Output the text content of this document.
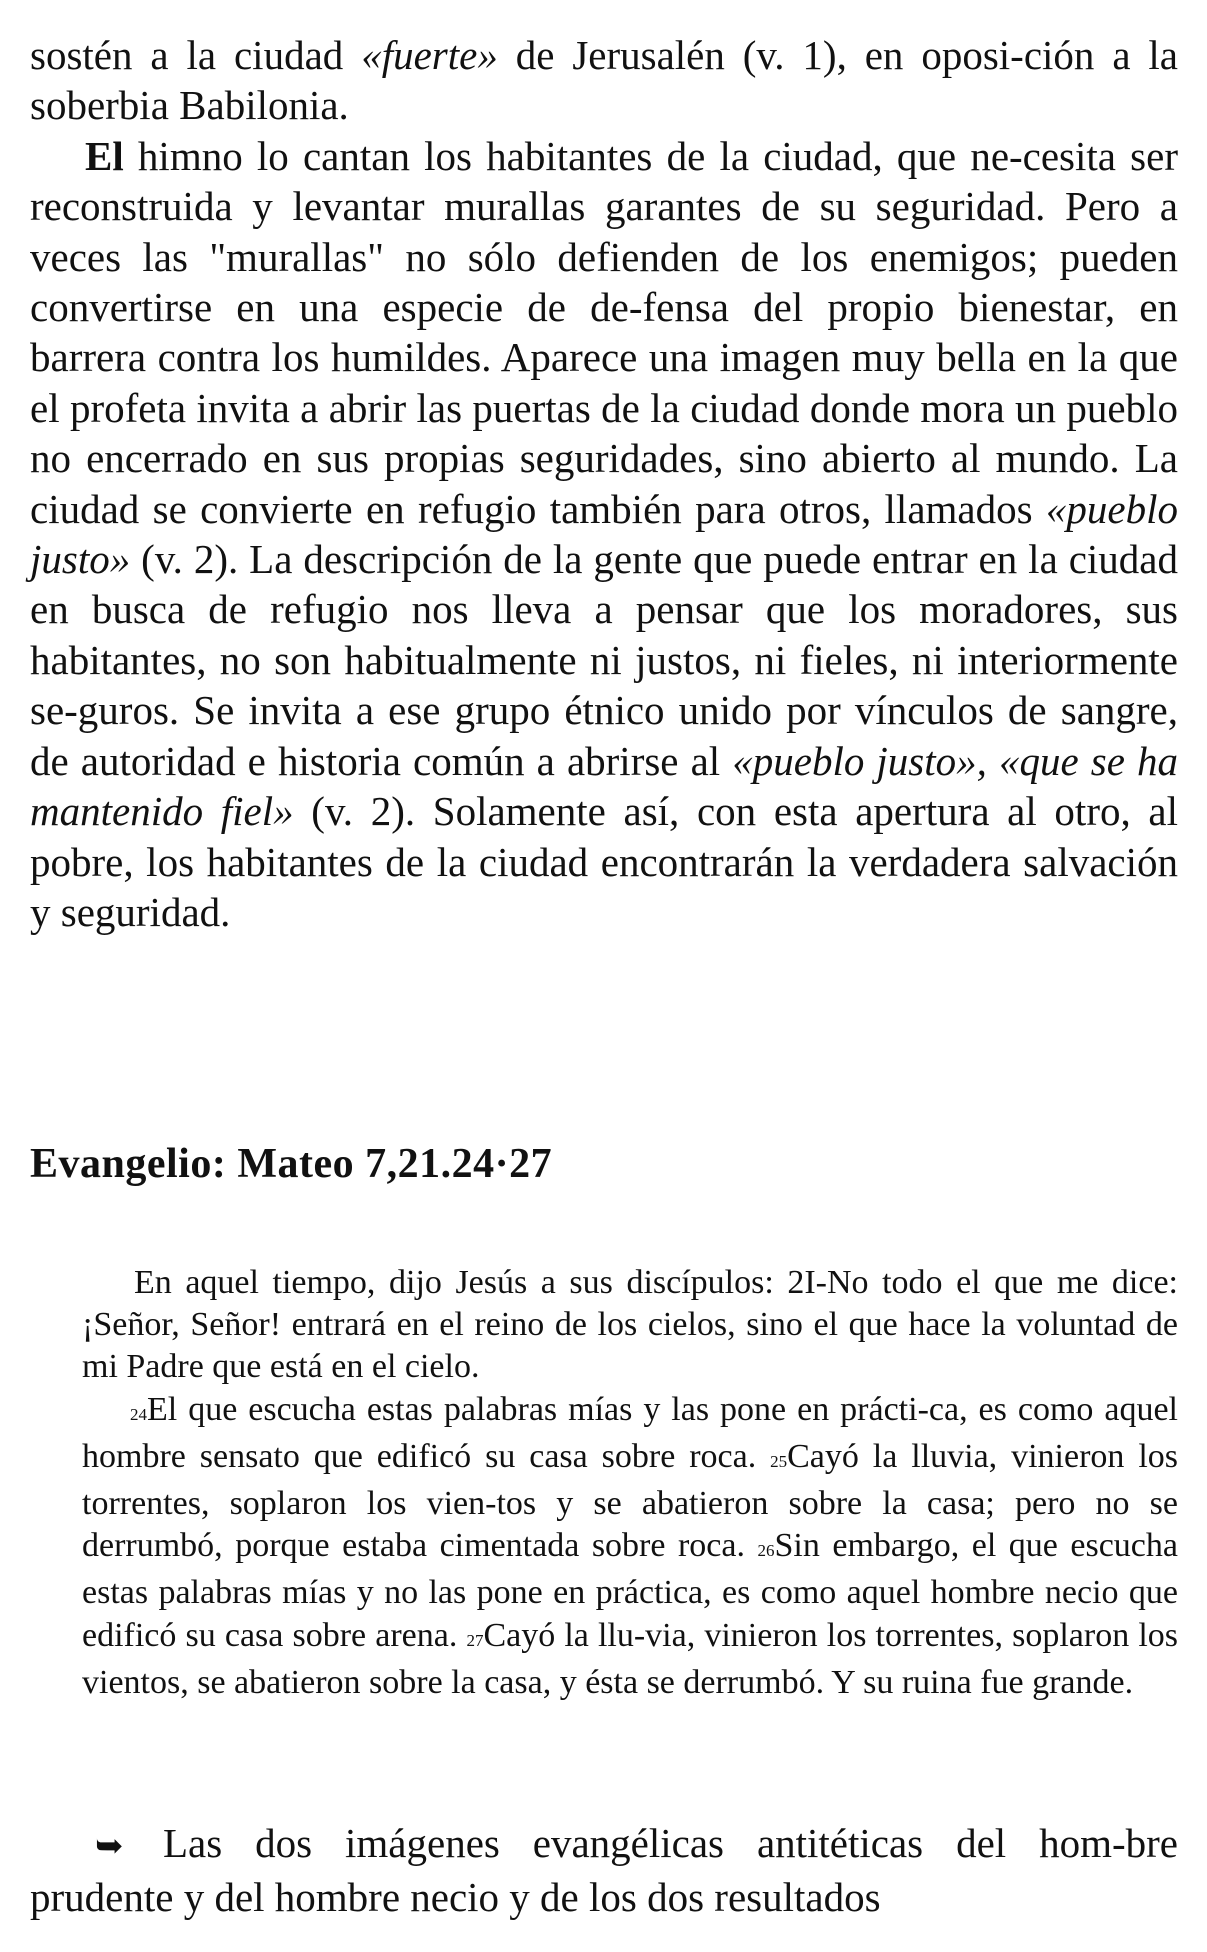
sostén a la ciudad «fuerte» de Jerusalén (v. 1), en oposi-ción a la soberbia Babilonia.

El himno lo cantan los habitantes de la ciudad, que ne-cesita ser reconstruida y levantar murallas garantes de su seguridad. Pero a veces las "murallas" no sólo defienden de los enemigos; pueden convertirse en una especie de de-fensa del propio bienestar, en barrera contra los humildes. Aparece una imagen muy bella en la que el profeta invita a abrir las puertas de la ciudad donde mora un pueblo no encerrado en sus propias seguridades, sino abierto al mundo. La ciudad se convierte en refugio también para otros, llamados «pueblo justo» (v. 2). La descripción de la gente que puede entrar en la ciudad en busca de refugio nos lleva a pensar que los moradores, sus habitantes, no son habitualmente ni justos, ni fieles, ni interiormente se-guros. Se invita a ese grupo étnico unido por vínculos de sangre, de autoridad e historia común a abrirse al «pueblo justo», «que se ha mantenido fiel» (v. 2). Solamente así, con esta apertura al otro, al pobre, los habitantes de la ciudad encontrarán la verdadera salvación y seguridad.

Evangelio: Mateo 7,21.24·27

En aquel tiempo, dijo Jesús a sus discípulos: 2I-No todo el que me dice: ¡Señor, Señor! entrará en el reino de los cielos, sino el que hace la voluntad de mi Padre que está en el cielo.

24El que escucha estas palabras mías y las pone en prácti-ca, es como aquel hombre sensato que edificó su casa sobre roca. 25Cayó la lluvia, vinieron los torrentes, soplaron los vien-tos y se abatieron sobre la casa; pero no se derrumbó, porque estaba cimentada sobre roca. 26Sin embargo, el que escucha estas palabras mías y no las pone en práctica, es como aquel hombre necio que edificó su casa sobre arena. 27Cayó la llu-via, vinieron los torrentes, soplaron los vientos, se abatieron sobre la casa, y ésta se derrumbó. Y su ruina fue grande.

➥ Las dos imágenes evangélicas antitéticas del hom-bre prudente y del hombre necio y de los dos resultados
